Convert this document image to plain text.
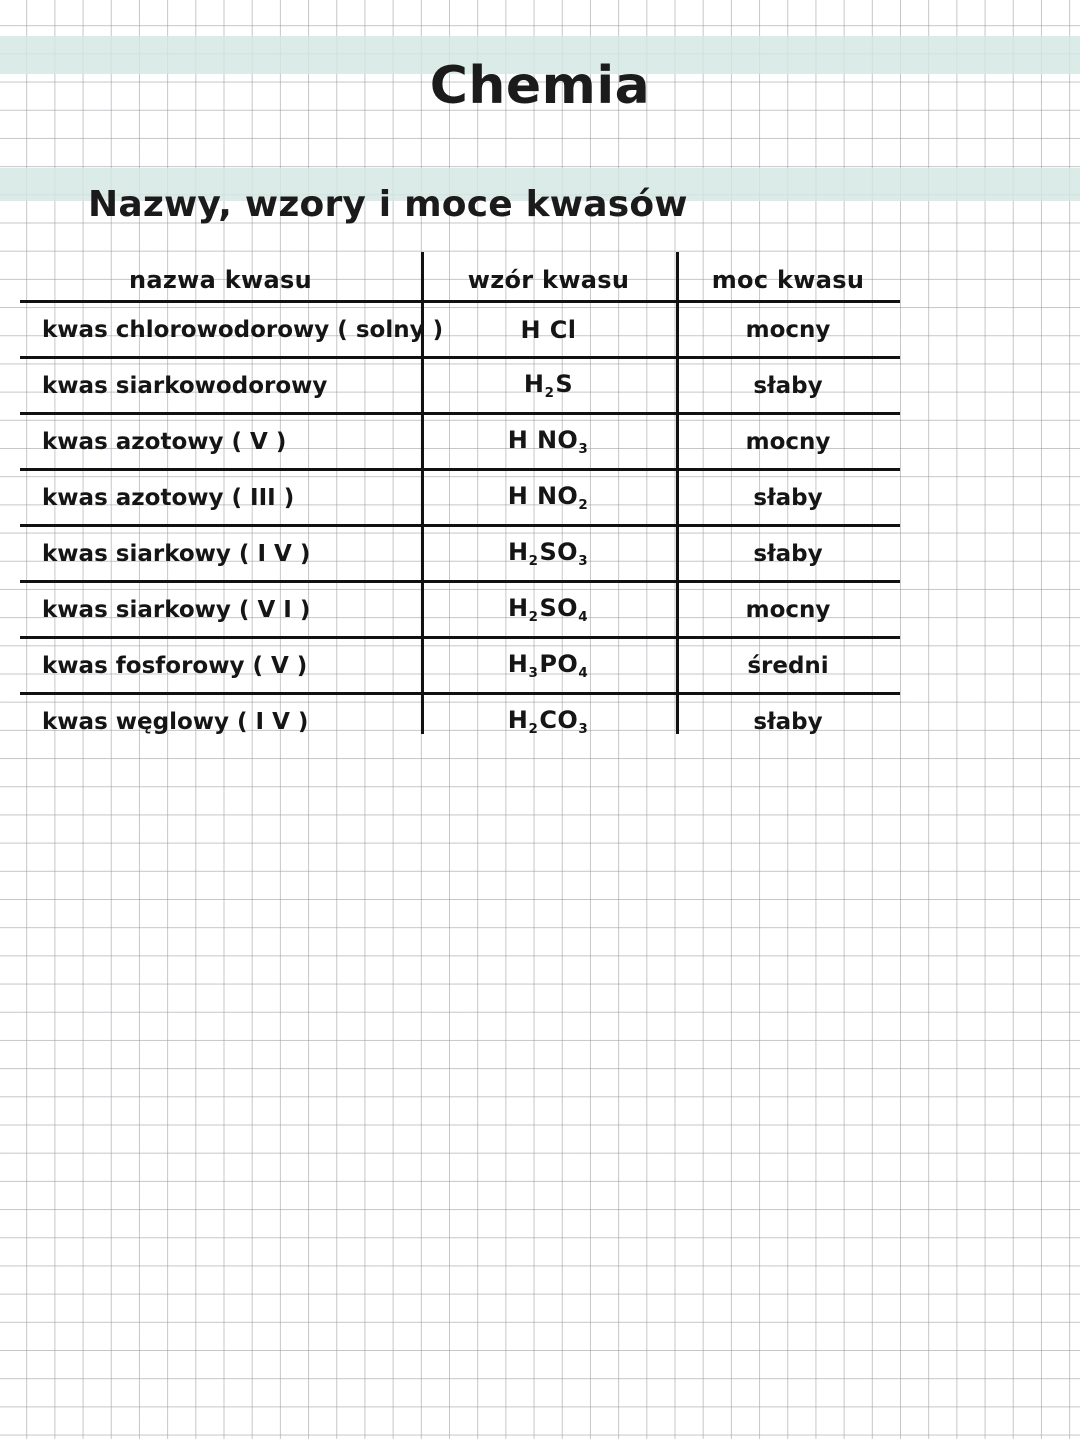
Chemia
Nazwy, wzory i moce kwasów
nazwa kwasu	wzór kwasu	moc kwasu
kwas chlorowodorowy ( solny )	H Cl	mocny
kwas siarkowodorowy	$H_2S$	słaby
kwas azotowy ( V )	H $NO_3$	mocny
kwas azotowy ( III )	H $NO_2$	słaby
kwas siarkowy ( I V )	$H_2SO_3$	słaby
kwas siarkowy ( V I )	$H_2SO_4$	mocny
kwas fosforowy ( V )	$H_3PO_4$	średni
kwas węglowy ( I V )	$H_2CO_3$	słaby
